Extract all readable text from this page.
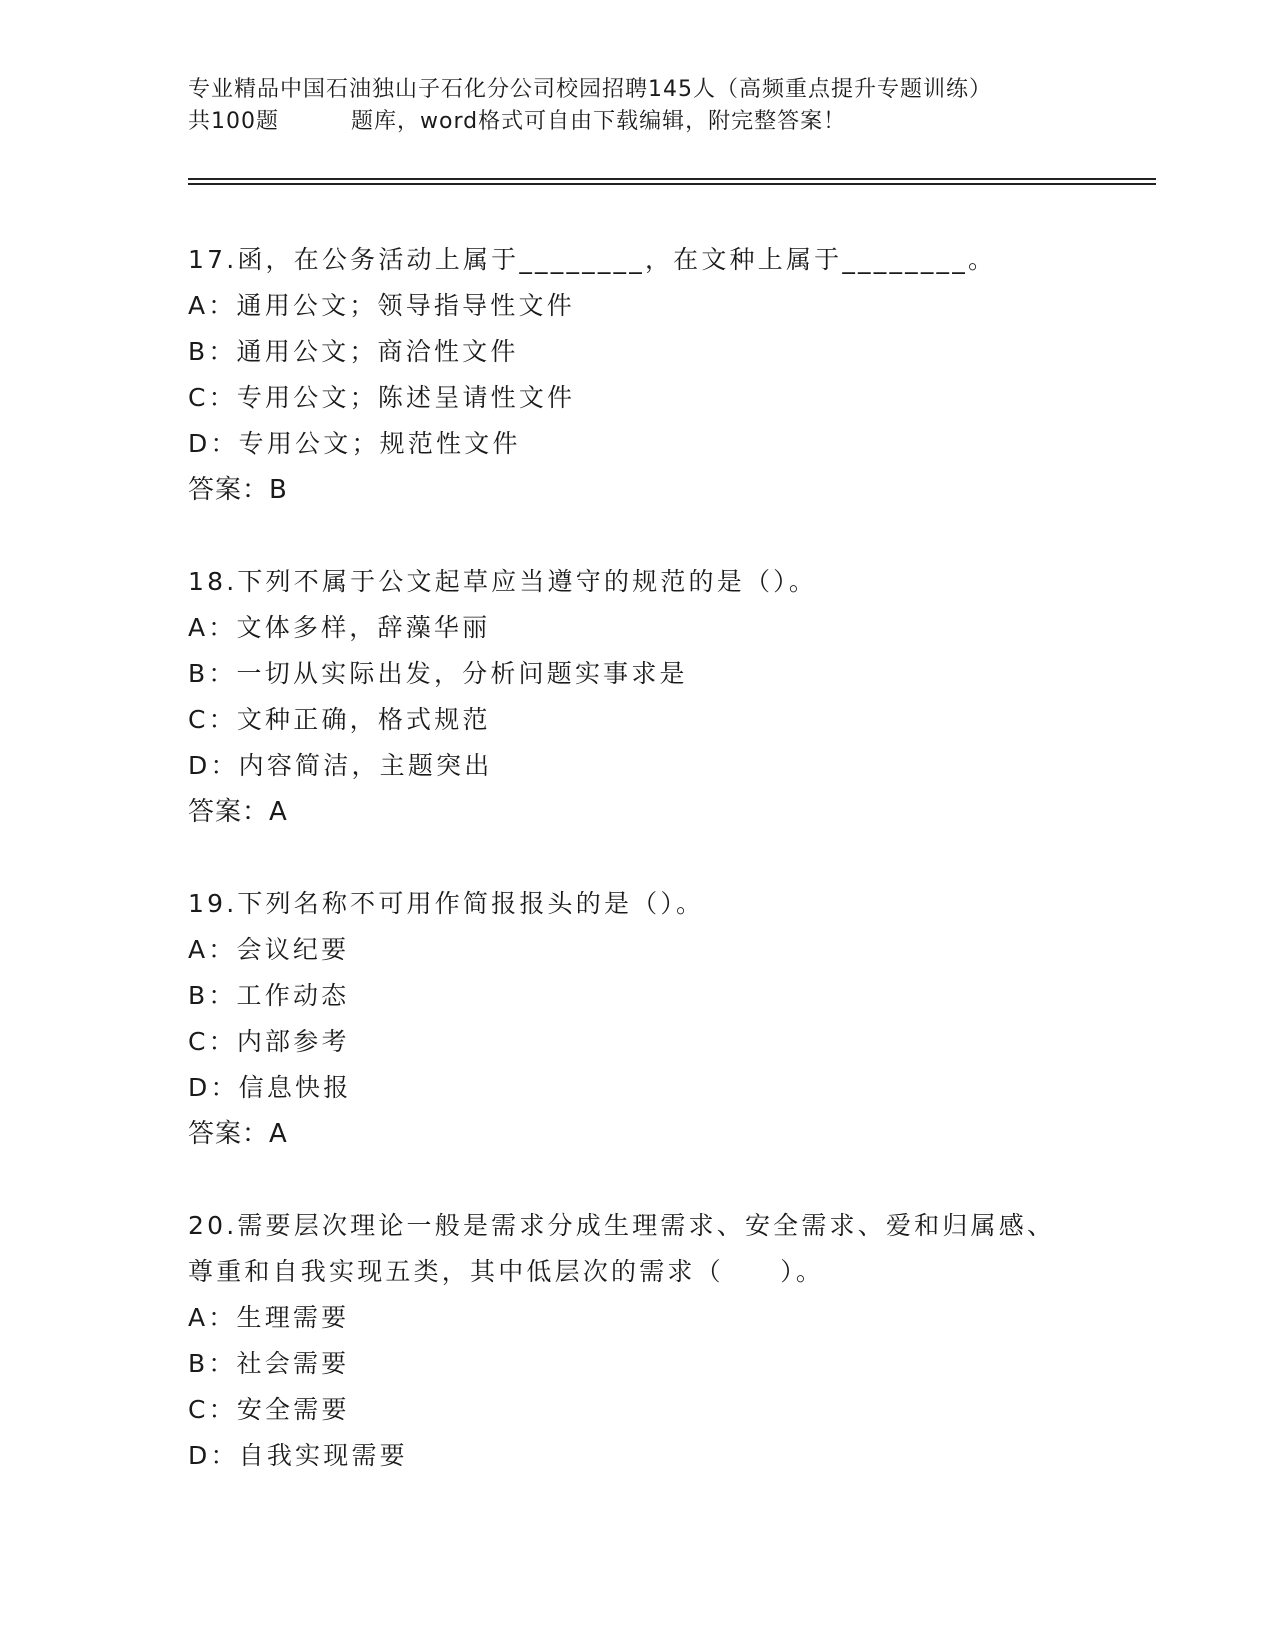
专业精品中国石油独山子石化分公司校园招聘145人（高频重点提升专题训练）
共100题	题库，word格式可自由下载编辑，附完整答案！
17.函，在公务活动上属于________，在文种上属于________。
A：通用公文；领导指导性文件
B：通用公文；商洽性文件
C：专用公文；陈述呈请性文件
D：专用公文；规范性文件
答案：B
18.下列不属于公文起草应当遵守的规范的是（）。
A：文体多样，辞藻华丽
B：一切从实际出发，分析问题实事求是
C：文种正确，格式规范
D：内容简洁，主题突出
答案：A
19.下列名称不可用作简报报头的是（）。
A：会议纪要
B：工作动态
C：内部参考
D：信息快报
答案：A
20.需要层次理论一般是需求分成生理需求、安全需求、爱和归属感、
尊重和自我实现五类，其中低层次的需求（　　）。
A：生理需要
B：社会需要
C：安全需要
D：自我实现需要
